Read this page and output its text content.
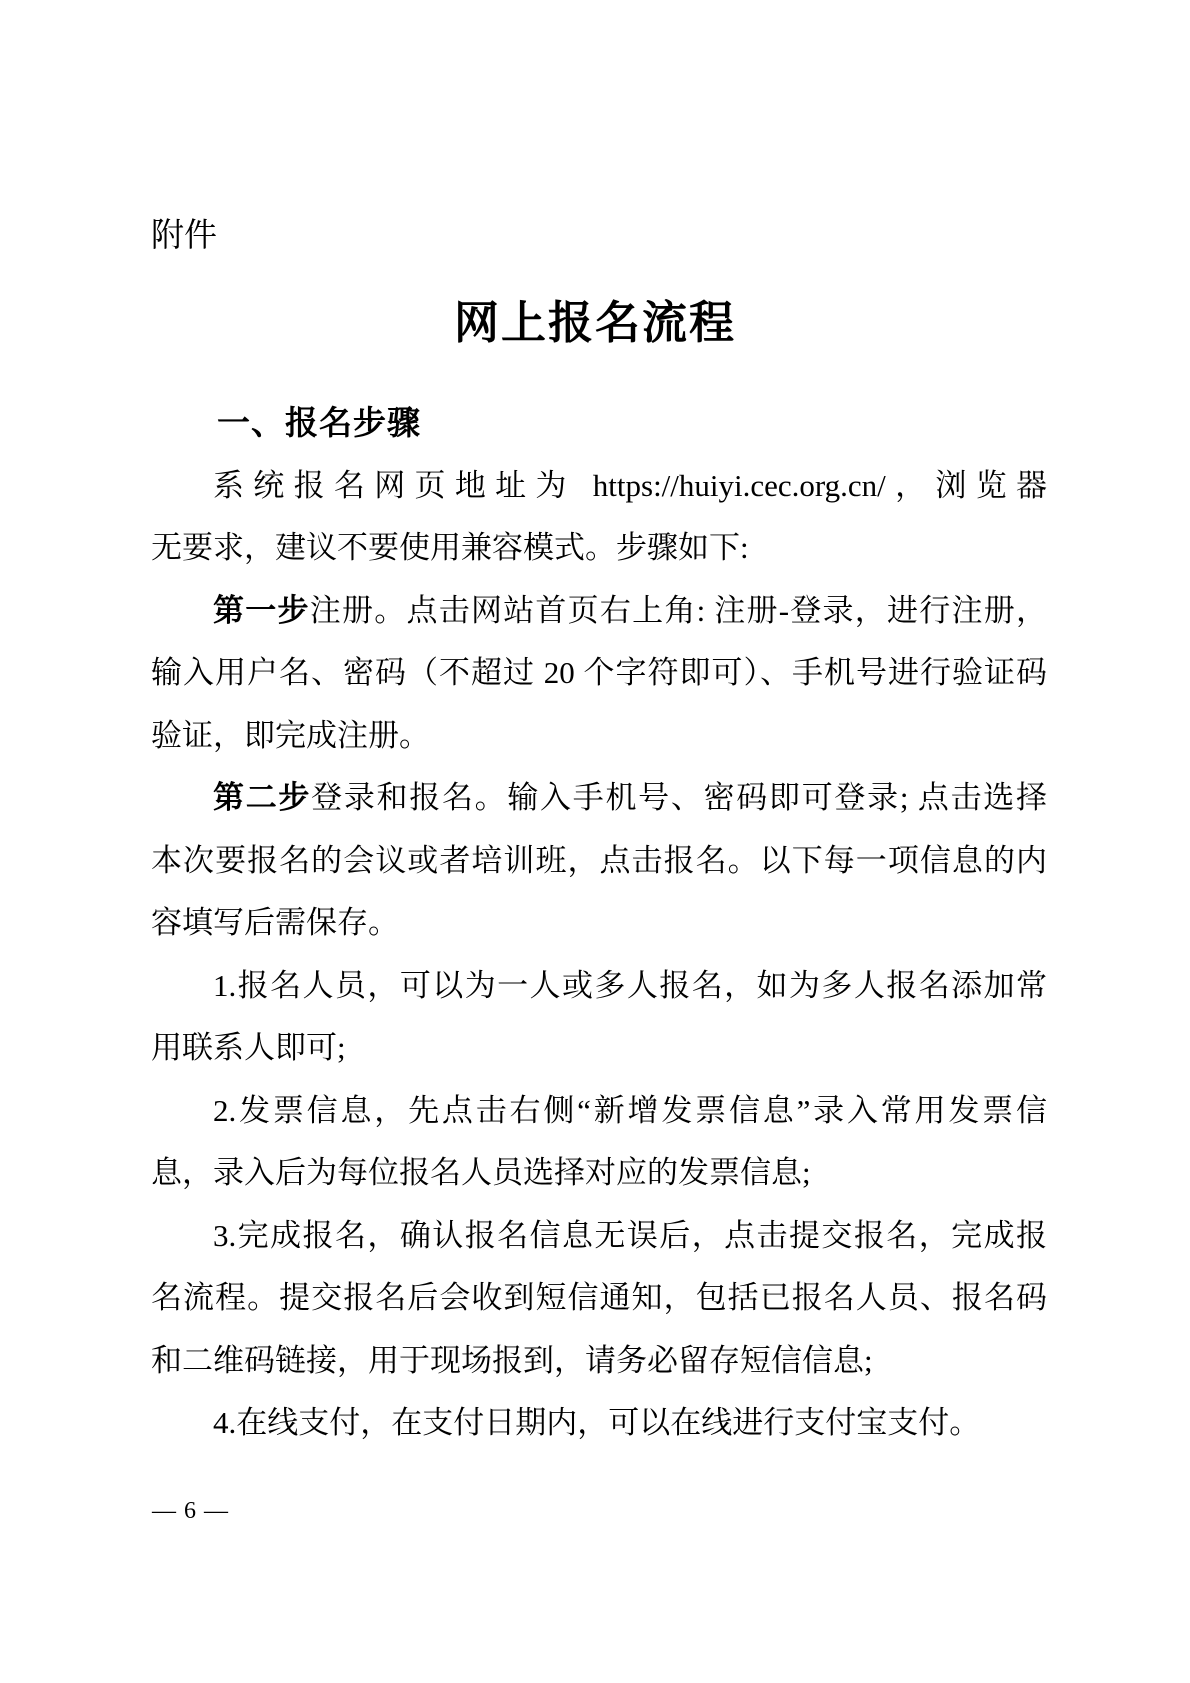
附件
网上报名流程
一、报名步骤
系统报名网页地址为 https://huiyi.cec.org.cn/，浏览器
无要求，建议不要使用兼容模式。步骤如下:
第一步注册。点击网站首页右上角: 注册-登录，进行注册，
输入用户名、密码（不超过 20 个字符即可）、手机号进行验证码
验证，即完成注册。
第二步登录和报名。输入手机号、密码即可登录; 点击选择
本次要报名的会议或者培训班，点击报名。以下每一项信息的内
容填写后需保存。
1.报名人员，可以为一人或多人报名，如为多人报名添加常
用联系人即可;
2.发票信息，先点击右侧“新增发票信息”录入常用发票信
息，录入后为每位报名人员选择对应的发票信息;
3.完成报名，确认报名信息无误后，点击提交报名，完成报
名流程。提交报名后会收到短信通知，包括已报名人员、报名码
和二维码链接，用于现场报到，请务必留存短信信息;
4.在线支付，在支付日期内，可以在线进行支付宝支付。
— 6 —
